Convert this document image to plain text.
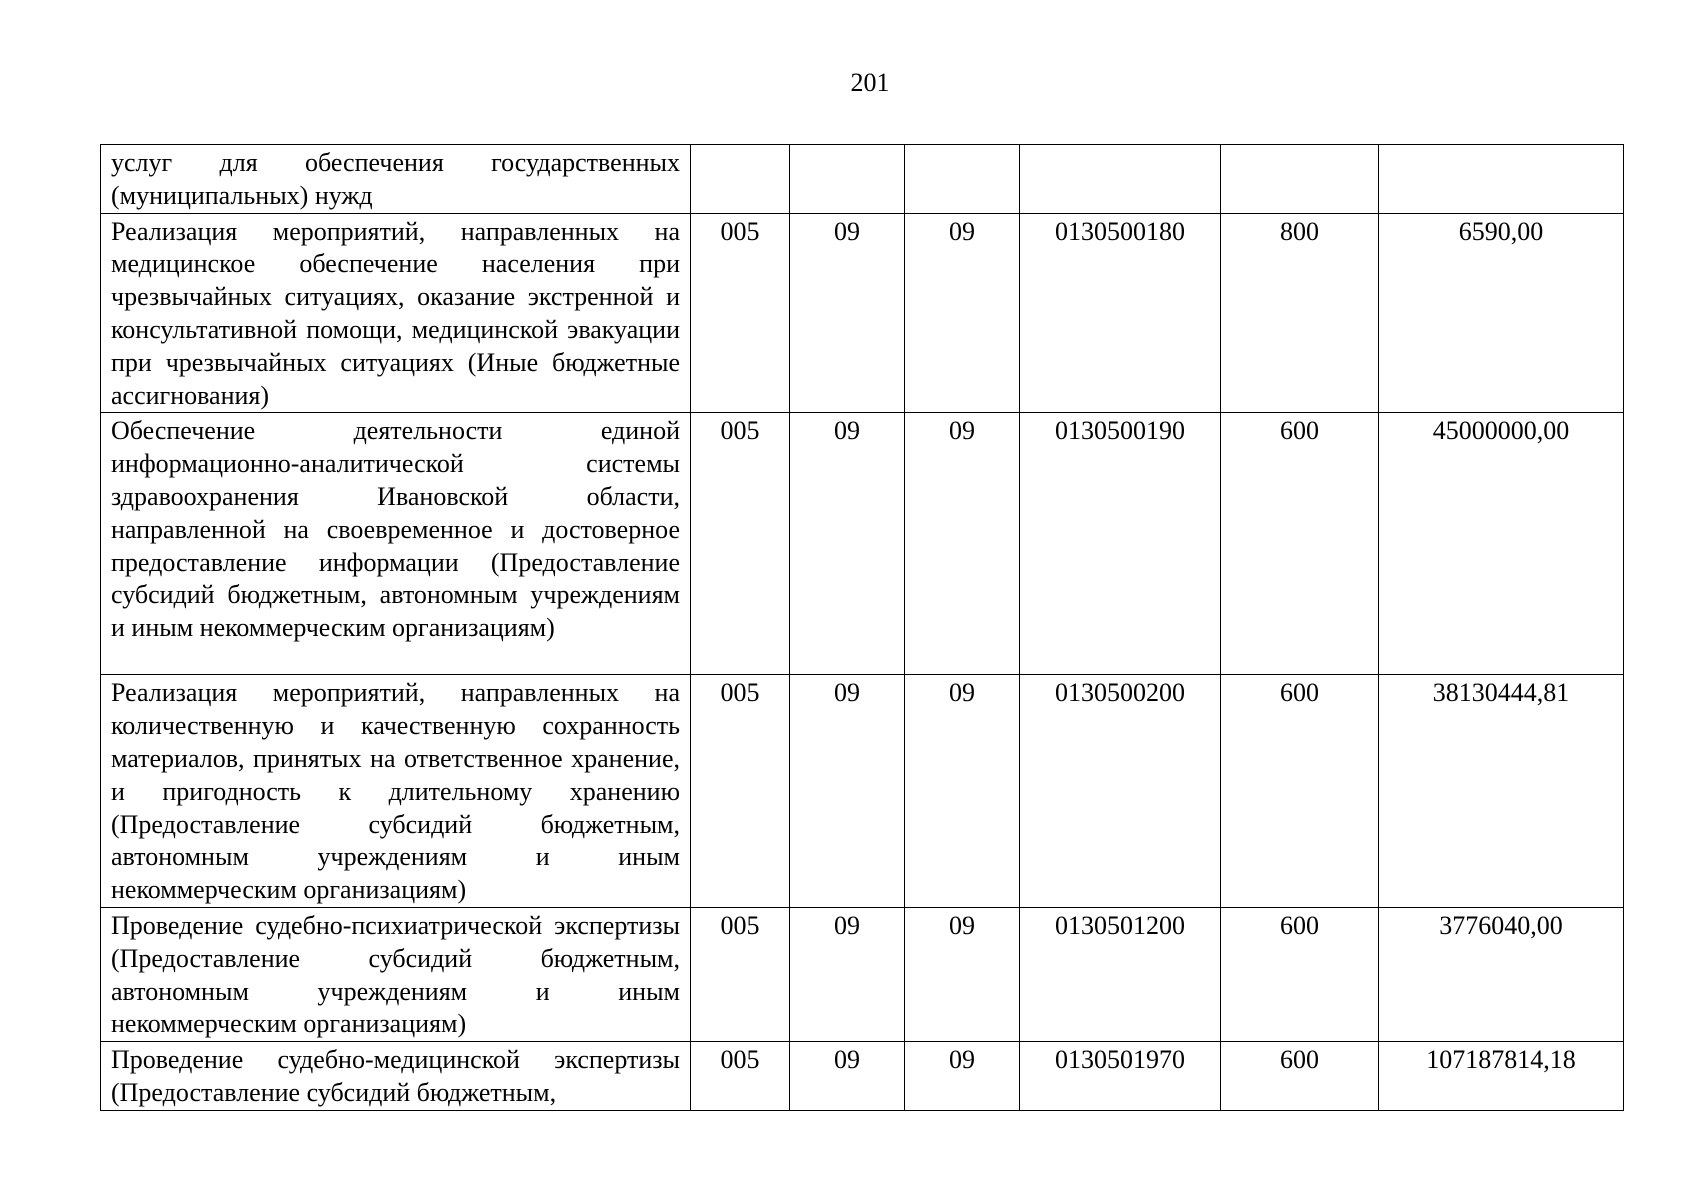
201
услуг для обеспечения государственных (муниципальных) нужд						
Реализация мероприятий, направленных на медицинское обеспечение населения при чрезвычайных ситуациях, оказание экстренной и консультативной помощи, медицинской эвакуации при чрезвычайных ситуациях (Иные бюджетные ассигнования)	005	09	09	0130500180	800	6590,00
Обеспечение деятельности единой информационно-аналитической системы здравоохранения Ивановской области, направленной на своевременное и достоверное предоставление информации (Предоставление субсидий бюджетным, автономным учреждениям и иным некоммерческим организациям)	005	09	09	0130500190	600	45000000,00
Реализация мероприятий, направленных на количественную и качественную сохранность материалов, принятых на ответственное хранение, и пригодность к длительному хранению (Предоставление субсидий бюджетным, автономным учреждениям и иным некоммерческим организациям)	005	09	09	0130500200	600	38130444,81
Проведение судебно-психиатрической экспертизы (Предоставление субсидий бюджетным, автономным учреждениям и иным некоммерческим организациям)	005	09	09	0130501200	600	3776040,00
Проведение судебно-медицинской экспертизы (Предоставление субсидий бюджетным,	005	09	09	0130501970	600	107187814,18
